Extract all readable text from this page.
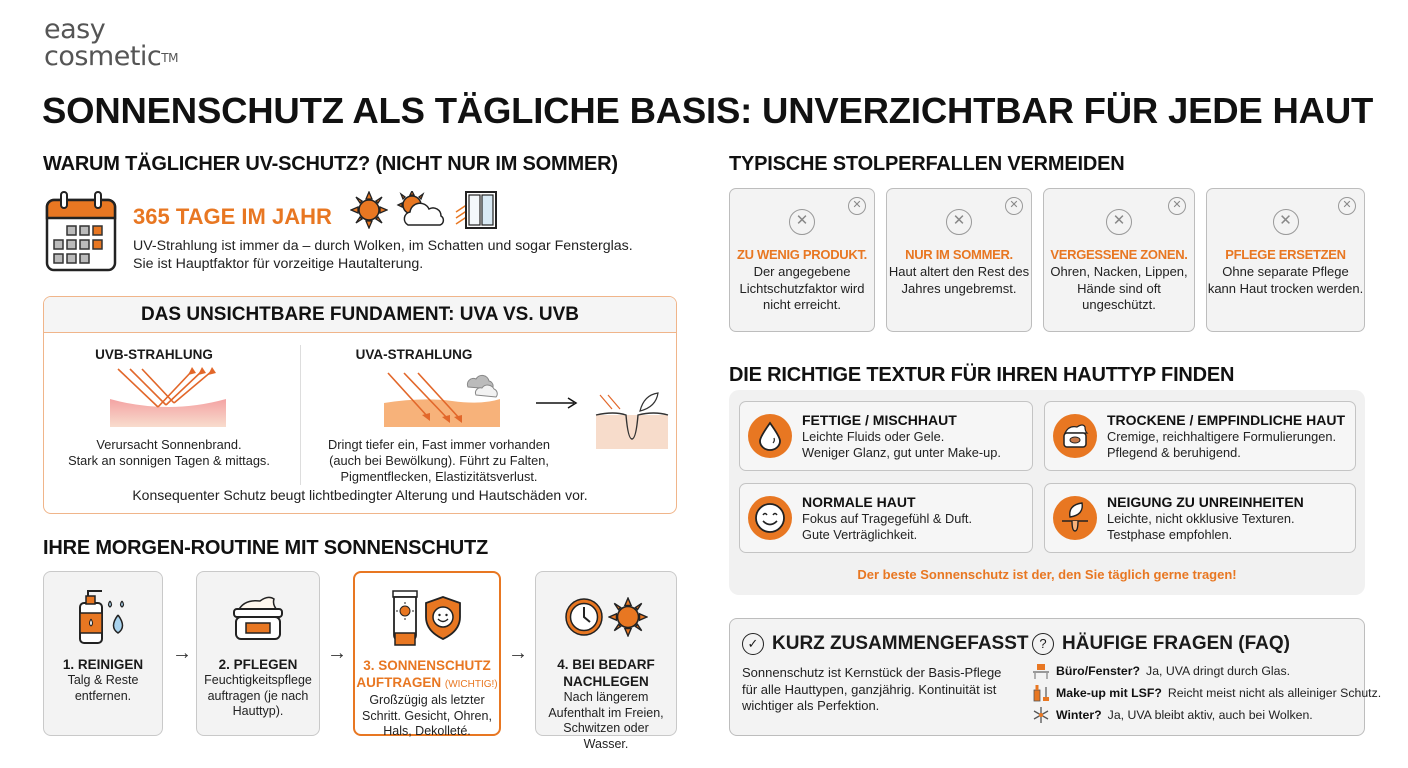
easy
cosmetic™
SONNENSCHUTZ ALS TÄGLICHE BASIS: UNVERZICHTBAR FÜR JEDE HAUT
WARUM TÄGLICHER UV-SCHUTZ? (NICHT NUR IM SOMMER)
365 TAGE IM JAHR
UV-Strahlung ist immer da – durch Wolken, im Schatten und sogar Fensterglas.
Sie ist Hauptfaktor für vorzeitige Hautalterung.
DAS UNSICHTBARE FUNDAMENT: UVA VS. UVB
UVB-STRAHLUNG
Verursacht Sonnenbrand.
Stark an sonnigen Tagen & mittags.
UVA-STRAHLUNG
Dringt tiefer ein, Fast immer vorhanden
(auch bei Bewölkung). Führt zu Falten,
Pigmentflecken, Elastizitätsverlust.
Konsequenter Schutz beugt lichtbedingter Alterung und Hautschäden vor.
IHRE MORGEN-ROUTINE MIT SONNENSCHUTZ
1. REINIGEN
Talg & Reste entfernen.
→
2. PFLEGEN
Feuchtigkeitspflege auftragen (je nach Hauttyp).
→
3. SONNENSCHUTZ AUFTRAGEN (WICHTIG!)
Großzügig als letzter Schritt. Gesicht, Ohren, Hals, Dekolleté.
→
4. BEI BEDARF NACHLEGEN
Nach längerem Aufenthalt im Freien, Schwitzen oder Wasser.
TYPISCHE STOLPERFALLEN VERMEIDEN
✕
✕
ZU WENIG PRODUKT.
Der angegebene Lichtschutzfaktor wird nicht erreicht.
✕
✕
NUR IM SOMMER.
Haut altert den Rest des Jahres ungebremst.
✕
✕
VERGESSENE ZONEN.
Ohren, Nacken, Lippen, Hände sind oft ungeschützt.
✕
✕
PFLEGE ERSETZEN
Ohne separate Pflege kann Haut trocken werden.
DIE RICHTIGE TEXTUR FÜR IHREN HAUTTYP FINDEN
FETTIGE / MISCHHAUT
Leichte Fluids oder Gele.
Weniger Glanz, gut unter Make-up.
TROCKENE / EMPFINDLICHE HAUT
Cremige, reichhaltigere Formulierungen.
Pflegend & beruhigend.
NORMALE HAUT
Fokus auf Tragegefühl & Duft.
Gute Verträglichkeit.
NEIGUNG ZU UNREINHEITEN
Leichte, nicht okklusive Texturen.
Testphase empfohlen.
Der beste Sonnenschutz ist der, den Sie täglich gerne tragen!
✓ KURZ ZUSAMMENGEFASST
Sonnenschutz ist Kernstück der Basis-Pflege für alle Hauttypen, ganzjährig. Kontinuität ist wichtiger als Perfektion.
? HÄUFIGE FRAGEN (FAQ)
Büro/Fenster? Ja, UVA dringt durch Glas.
Make-up mit LSF? Reicht meist nicht als alleiniger Schutz.
Winter? Ja, UVA bleibt aktiv, auch bei Wolken.
